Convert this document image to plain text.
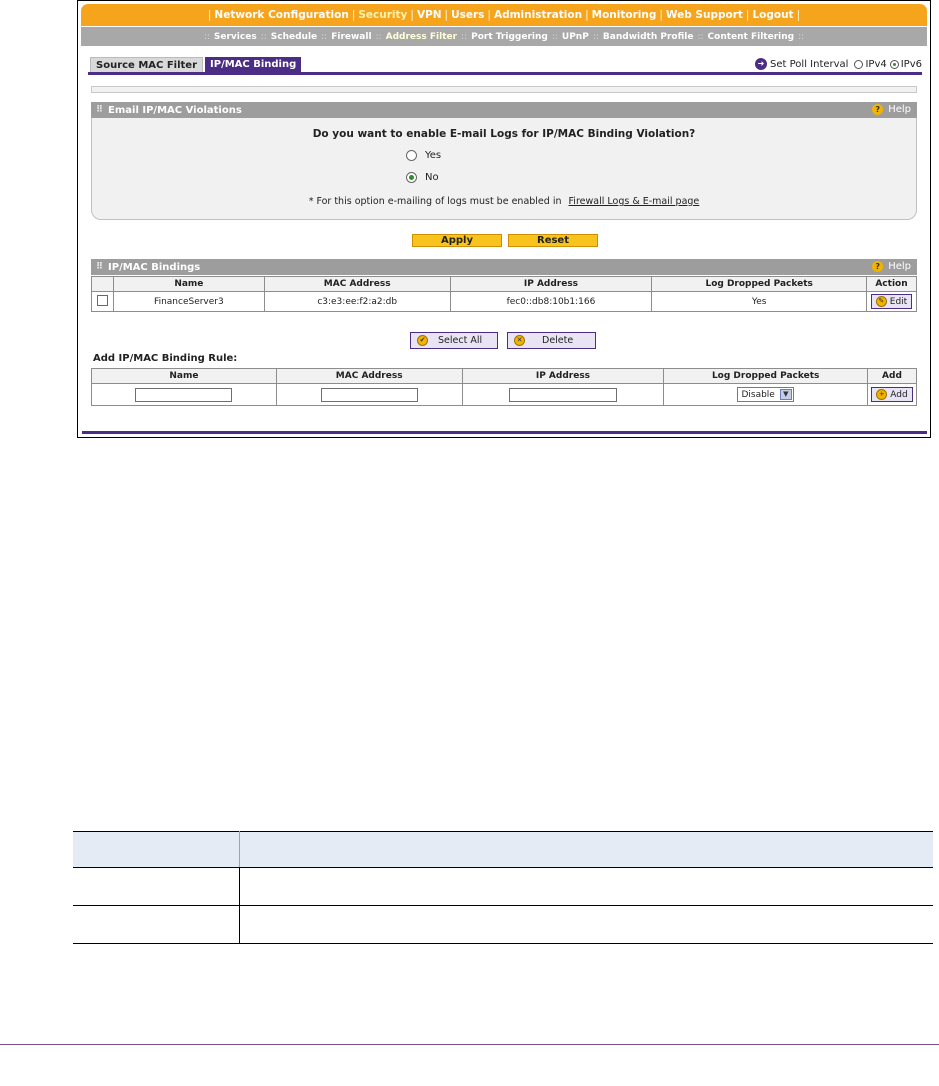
| Network Configuration | Security | VPN | Users | Administration | Monitoring | Web Support | Logout |
:: Services :: Schedule :: Firewall :: Address Filter :: Port Triggering :: UPnP :: Bandwidth Profile :: Content Filtering ::
Source MAC Filter	IP/MAC Binding	➜ Set Poll Interval IPv4 IPv6
⠿ Email IP/MAC Violations	? Help
Do you want to enable E-mail Logs for IP/MAC Binding Violation?
Yes
No
* For this option e-mailing of logs must be enabled in Firewall Logs & E-mail page
Apply	Reset
⠿ IP/MAC Bindings	? Help
	Name	MAC Address	IP Address	Log Dropped Packets	Action
	FinanceServer3	c3:e3:ee:f2:a2:db	fec0::db8:10b1:166	Yes	✎ Edit
✔ Select All	✕ Delete
Add IP/MAC Binding Rule:
Name	MAC Address	IP Address	Log Dropped Packets	Add

			Disable ▼	+ Add
